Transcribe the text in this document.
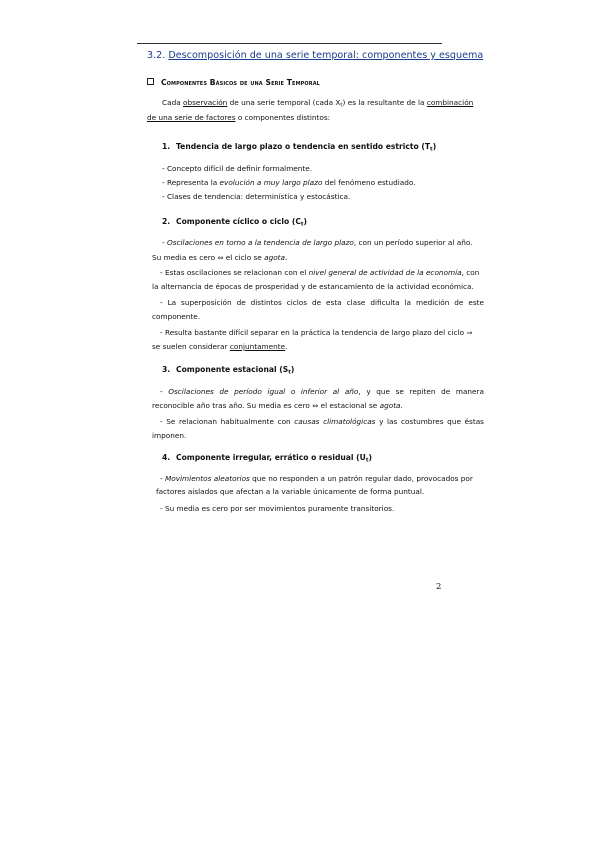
3.2. Descomposición de una serie temporal: componentes y esquema
Componentes Básicos de una Serie Temporal
Cada observación de una serie temporal (cada $X_t$) es la resultante de la combinación
de una serie de factores o componentes distintos:
1. Tendencia de largo plazo o tendencia en sentido estricto $(T_t)$
- Concepto difícil de definir formalmente.
- Representa la evolución a muy largo plazo del fenómeno estudiado.
- Clases de tendencia: determinística y estocástica.
2. Componente cíclico o ciclo $(C_t)$
- Oscilaciones en torno a la tendencia de largo plazo, con un período superior al año.
Su media es cero ⇔ el ciclo se agota.
- Estas oscilaciones se relacionan con el nivel general de actividad de la economía, con
la alternancia de épocas de prosperidad y de estancamiento de la actividad económica.
- La superposición de distintos ciclos de esta clase dificulta la medición de este
componente.
- Resulta bastante difícil separar en la práctica la tendencia de largo plazo del ciclo ⇒
se suelen considerar conjuntamente.
3. Componente estacional $(S_t)$
- Oscilaciones de período igual o inferior al año, y que se repiten de manera
reconocible año tras año. Su media es cero ⇔ el estacional se agota.
- Se relacionan habitualmente con causas climatológicas y las costumbres que éstas
imponen.
4. Componente irregular, errático o residual $(U_t)$
- Movimientos aleatorios que no responden a un patrón regular dado, provocados por
factores aislados que afectan a la variable únicamente de forma puntual.
- Su media es cero por ser movimientos puramente transitorios.
2
